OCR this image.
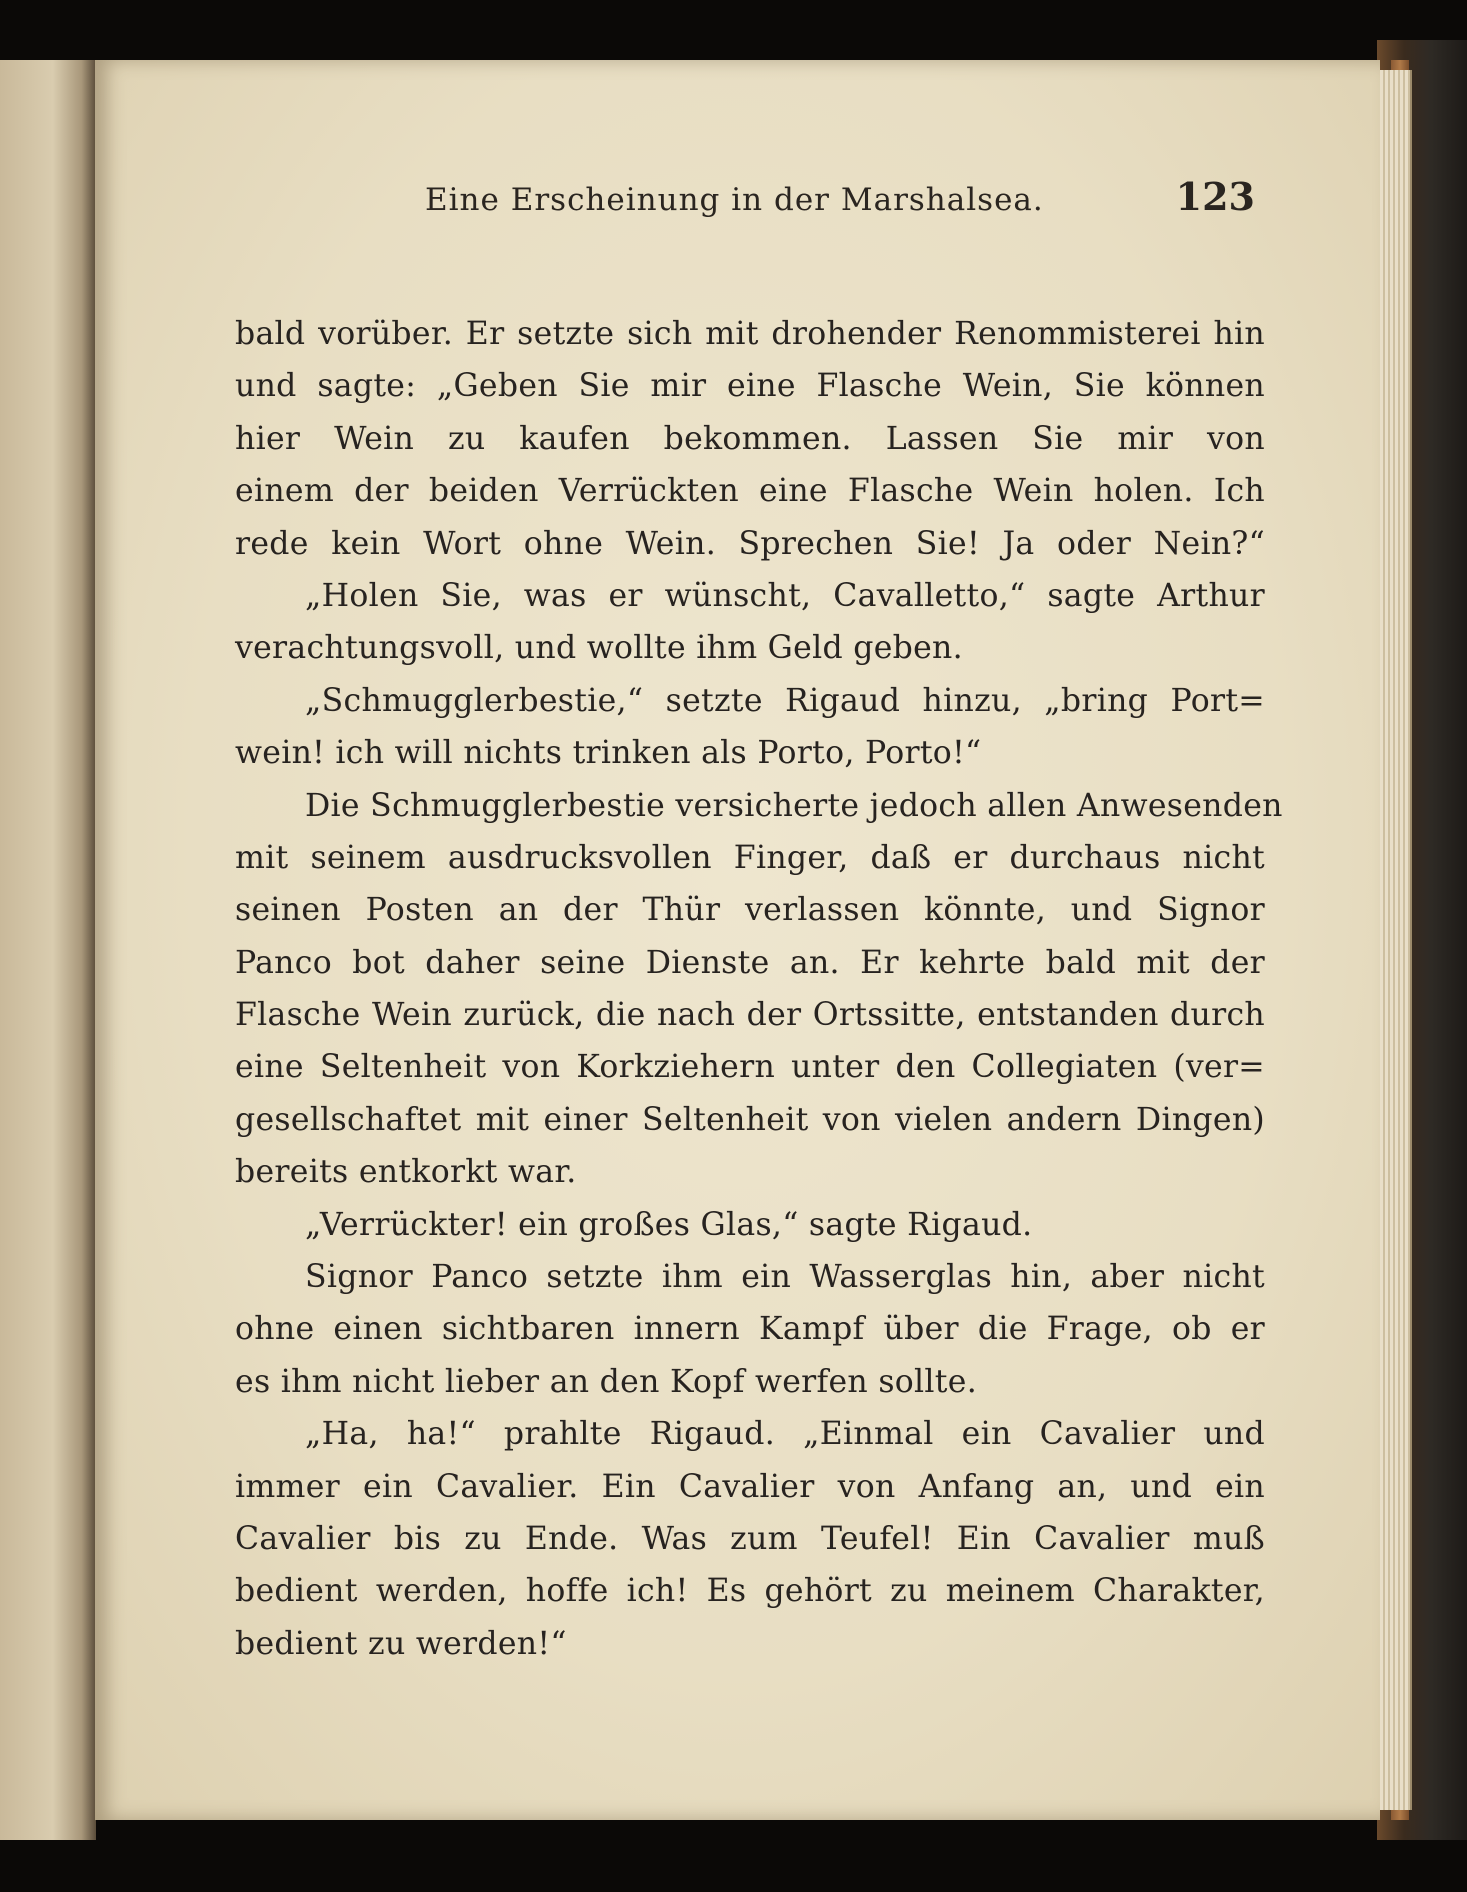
Eine Erscheinung in der Marshalsea.	123
bald vorüber. Er setzte sich mit drohender Renommisterei hin
und sagte: „Geben Sie mir eine Flasche Wein, Sie können
hier Wein zu kaufen bekommen. Lassen Sie mir von
einem der beiden Verrückten eine Flasche Wein holen. Ich
rede kein Wort ohne Wein. Sprechen Sie! Ja oder Nein?“
„Holen Sie, was er wünscht, Cavalletto,“ sagte Arthur
verachtungsvoll, und wollte ihm Geld geben.
„Schmugglerbestie,“ setzte Rigaud hinzu, „bring Port=
wein! ich will nichts trinken als Porto, Porto!“
Die Schmugglerbestie versicherte jedoch allen Anwesenden
mit seinem ausdrucksvollen Finger, daß er durchaus nicht
seinen Posten an der Thür verlassen könnte, und Signor
Panco bot daher seine Dienste an. Er kehrte bald mit der
Flasche Wein zurück, die nach der Ortssitte, entstanden durch
eine Seltenheit von Korkziehern unter den Collegiaten (ver=
gesellschaftet mit einer Seltenheit von vielen andern Dingen)
bereits entkorkt war.
„Verrückter! ein großes Glas,“ sagte Rigaud.
Signor Panco setzte ihm ein Wasserglas hin, aber nicht
ohne einen sichtbaren innern Kampf über die Frage, ob er
es ihm nicht lieber an den Kopf werfen sollte.
„Ha, ha!“ prahlte Rigaud. „Einmal ein Cavalier und
immer ein Cavalier. Ein Cavalier von Anfang an, und ein
Cavalier bis zu Ende. Was zum Teufel! Ein Cavalier muß
bedient werden, hoffe ich! Es gehört zu meinem Charakter,
bedient zu werden!“
